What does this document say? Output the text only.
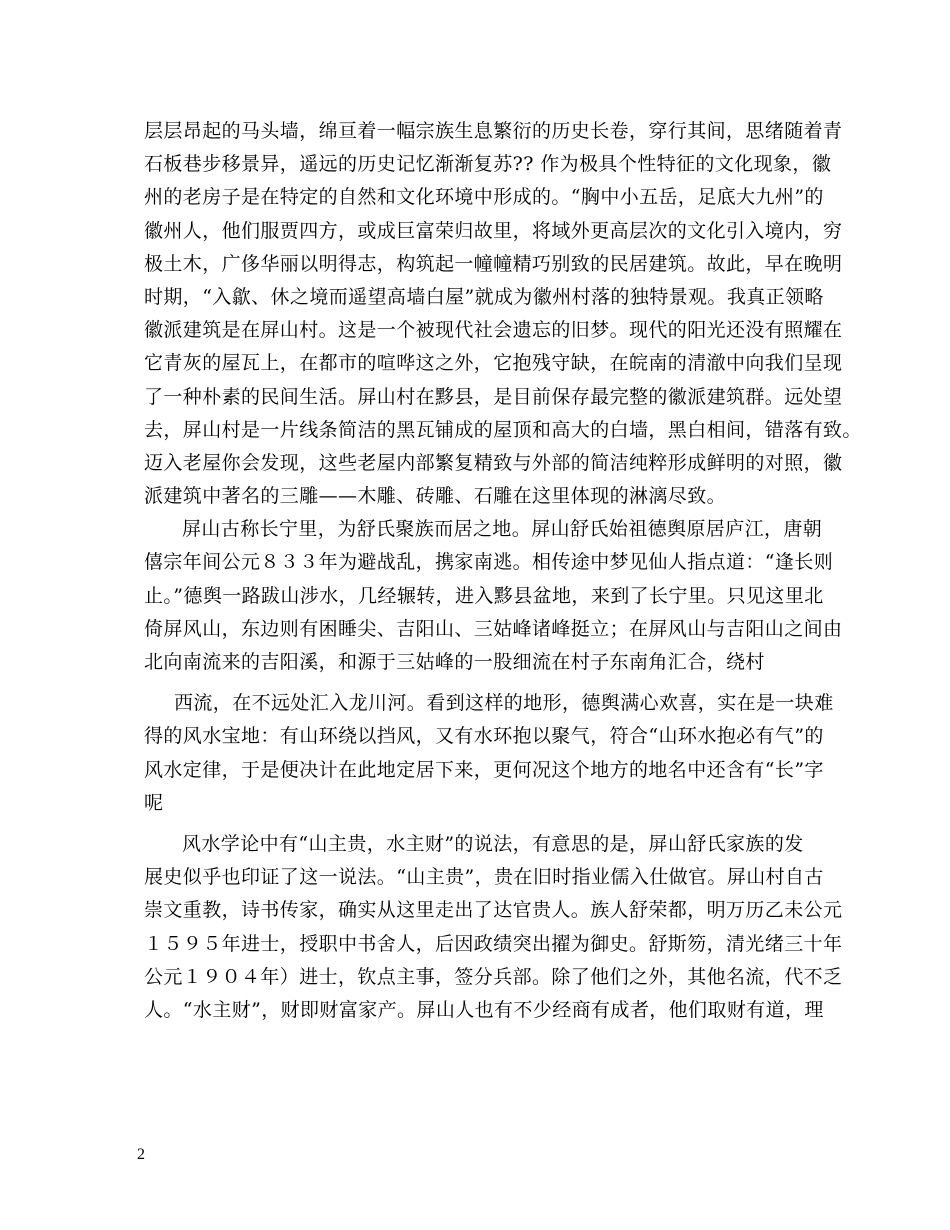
层层昂起的马头墙，绵亘着一幅宗族生息繁衍的历史长卷，穿行其间，思绪随着青
石板巷步移景异，遥远的历史记忆渐渐复苏?? 作为极具个性特征的文化现象，徽
州的老房子是在特定的自然和文化环境中形成的。“胸中小五岳，足底大九州”的
徽州人，他们服贾四方，或成巨富荣归故里，将域外更高层次的文化引入境内，穷
极土木，广侈华丽以明得志，构筑起一幢幢精巧别致的民居建筑。故此，早在晚明
时期，“入歙、休之境而遥望高墙白屋”就成为徽州村落的独特景观。我真正领略
徽派建筑是在屏山村。这是一个被现代社会遗忘的旧梦。现代的阳光还没有照耀在
它青灰的屋瓦上，在都市的喧哗这之外，它抱残守缺，在皖南的清澈中向我们呈现
了一种朴素的民间生活。屏山村在黟县，是目前保存最完整的徽派建筑群。远处望
去，屏山村是一片线条简洁的黑瓦铺成的屋顶和高大的白墙，黑白相间，错落有致。
迈入老屋你会发现，这些老屋内部繁复精致与外部的简洁纯粹形成鲜明的对照，徽
派建筑中著名的三雕——木雕、砖雕、石雕在这里体现的淋漓尽致。
屏山古称长宁里，为舒氏聚族而居之地。屏山舒氏始祖德舆原居庐江，唐朝
僖宗年间公元８３３年为避战乱，携家南逃。相传途中梦见仙人指点道：“逢长则
止。”德舆一路跋山涉水，几经辗转，进入黟县盆地，来到了长宁里。只见这里北
倚屏风山，东边则有困睡尖、吉阳山、三姑峰诸峰挺立；在屏风山与吉阳山之间由
北向南流来的吉阳溪，和源于三姑峰的一股细流在村子东南角汇合，绕村
西流，在不远处汇入龙川河。看到这样的地形，德舆满心欢喜，实在是一块难
得的风水宝地：有山环绕以挡风，又有水环抱以聚气，符合“山环水抱必有气”的
风水定律，于是便决计在此地定居下来，更何况这个地方的地名中还含有“长”字
呢
风水学论中有“山主贵，水主财”的说法，有意思的是，屏山舒氏家族的发
展史似乎也印证了这一说法。“山主贵”，贵在旧时指业儒入仕做官。屏山村自古
崇文重教，诗书传家，确实从这里走出了达官贵人。族人舒荣都，明万历乙未公元
１５９５年进士，授职中书舍人，后因政绩突出擢为御史。舒斯笏，清光绪三十年
公元１９０４年）进士，钦点主事，签分兵部。除了他们之外，其他名流，代不乏
人。“水主财”，财即财富家产。屏山人也有不少经商有成者，他们取财有道，理
2
